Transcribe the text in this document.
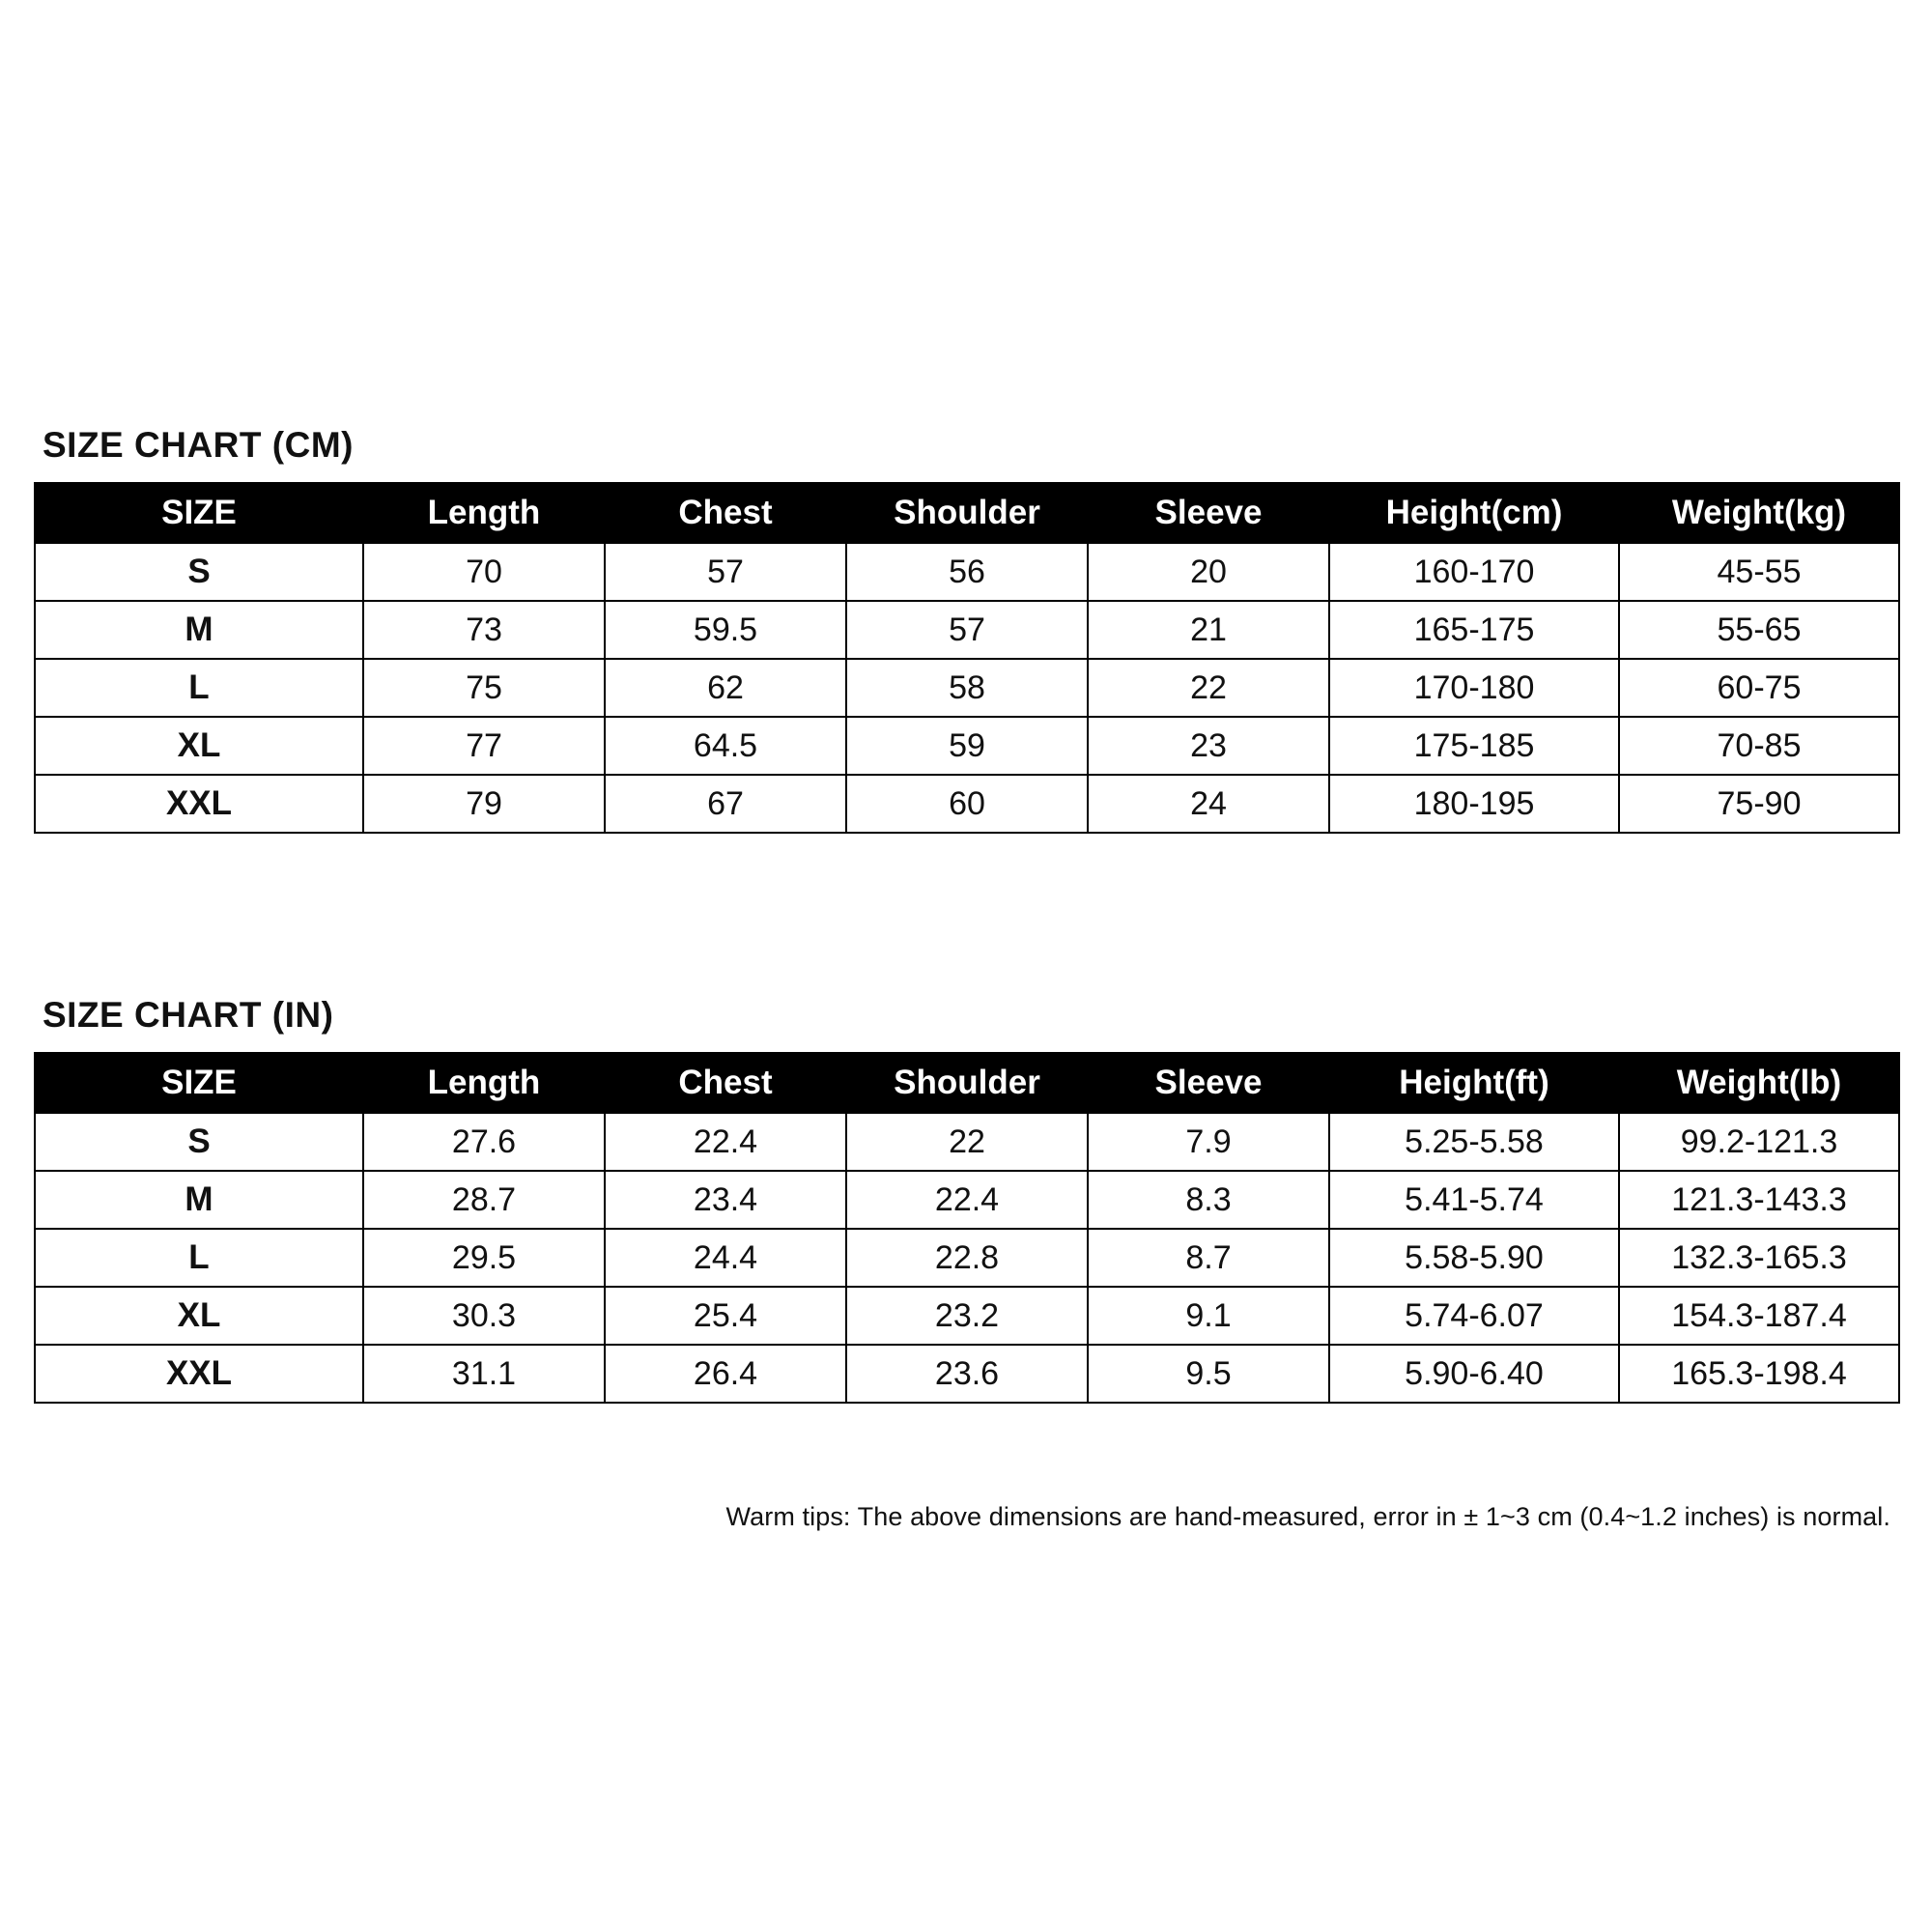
SIZE CHART (CM)
SIZE	Length	Chest	Shoulder	Sleeve	Height(cm)	Weight(kg)
S	70	57	56	20	160-170	45-55
M	73	59.5	57	21	165-175	55-65
L	75	62	58	22	170-180	60-75
XL	77	64.5	59	23	175-185	70-85
XXL	79	67	60	24	180-195	75-90
SIZE CHART (IN)
SIZE	Length	Chest	Shoulder	Sleeve	Height(ft)	Weight(lb)
S	27.6	22.4	22	7.9	5.25-5.58	99.2-121.3
M	28.7	23.4	22.4	8.3	5.41-5.74	121.3-143.3
L	29.5	24.4	22.8	8.7	5.58-5.90	132.3-165.3
XL	30.3	25.4	23.2	9.1	5.74-6.07	154.3-187.4
XXL	31.1	26.4	23.6	9.5	5.90-6.40	165.3-198.4
Warm tips: The above dimensions are hand-measured, error in ± 1~3 cm (0.4~1.2 inches) is normal.
